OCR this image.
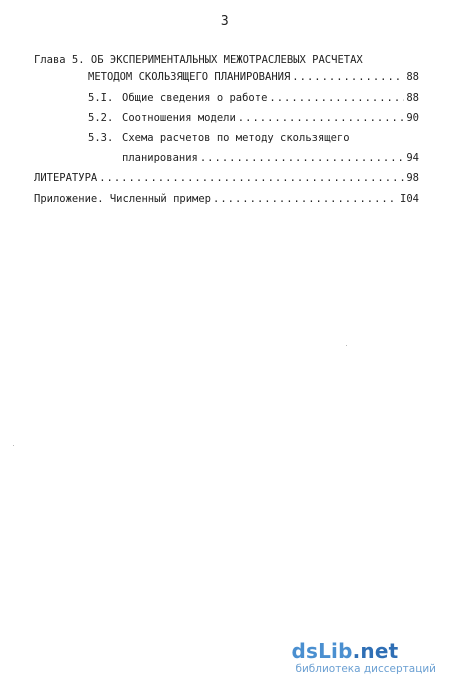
3
Глава 5. ОБ ЭКСПЕРИМЕНТАЛЬНЫХ МЕЖОТРАСЛЕВЫХ РАСЧЕТАХ
МЕТОДОМ СКОЛЬЗЯЩЕГО ПЛАНИРОВАНИЯ .....	88
5.I. Общие сведения о работе .....	88
5.2. Соотношения модели .....	90
5.3. Схема расчетов по методу скользящего
планирования .....	94
ЛИТЕРАТУРА .....	98
Приложение. Численный пример .....	I04
dsLib.net
библиотека диссертаций
